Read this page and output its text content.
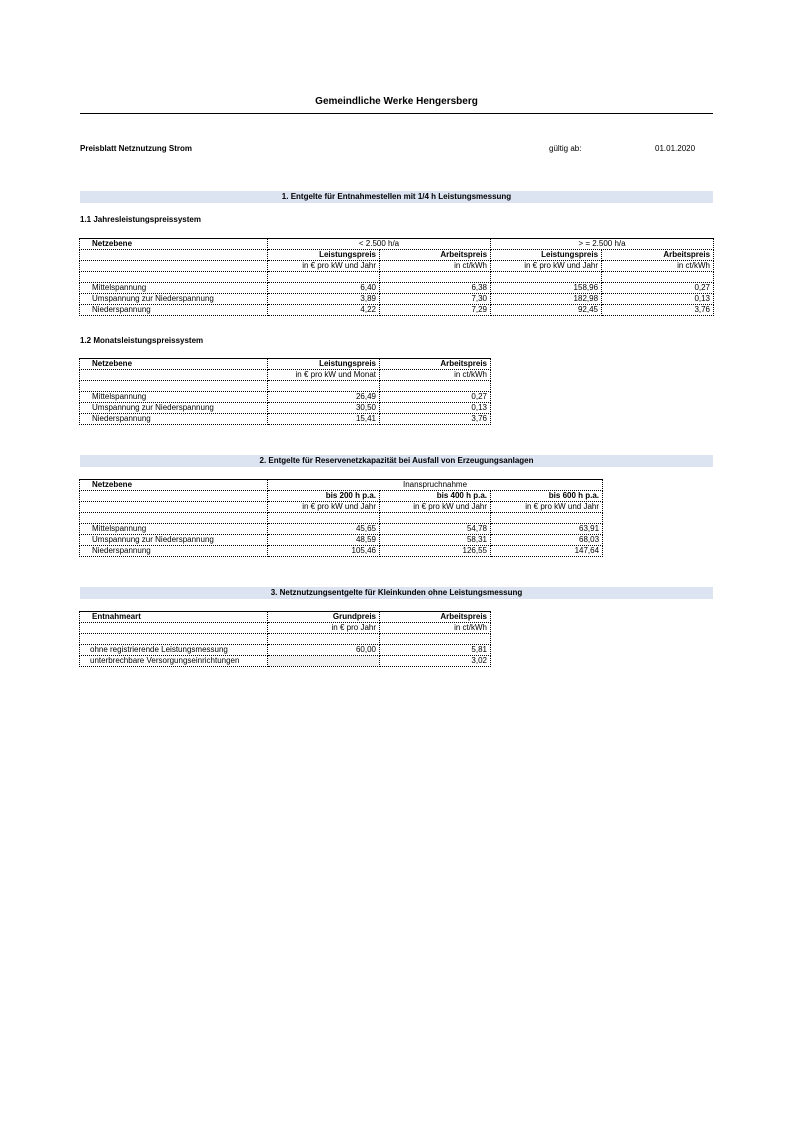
Gemeindliche Werke Hengersberg
Preisblatt Netznutzung Strom	gültig ab:	01.01.2020
1. Entgelte für Entnahmestellen mit 1/4 h Leistungsmessung
1.1 Jahresleistungspreissystem
Netzebene	< 2.500 h/a		> = 2.500 h/a	
	Leistungspreis	Arbeitspreis	Leistungspreis	Arbeitspreis
	in € pro kW und Jahr	in ct/kWh	in € pro kW und Jahr	in ct/kWh

Mittelspannung	6,40	6,38	158,96	0,27
Umspannung zur Niederspannung	3,89	7,30	182,98	0,13
Niederspannung	4,22	7,29	92,45	3,76
1.2 Monatsleistungspreissystem
Netzebene	Leistungspreis	Arbeitspreis
	in € pro kW und Monat	in ct/kWh

Mittelspannung	26,49	0,27
Umspannung zur Niederspannung	30,50	0,13
Niederspannung	15,41	3,76
2. Entgelte für Reservenetzkapazität bei Ausfall von Erzeugungsanlagen
Netzebene	Inanspruchnahme		
	bis 200 h p.a.	bis 400 h p.a.	bis 600 h p.a.
	in € pro kW und Jahr	in € pro kW und Jahr	in € pro kW und Jahr

Mittelspannung	45,65	54,78	63,91
Umspannung zur Niederspannung	48,59	58,31	68,03
Niederspannung	105,46	126,55	147,64
3. Netznutzungsentgelte für Kleinkunden ohne Leistungsmessung
Entnahmeart	Grundpreis	Arbeitspreis
	in € pro Jahr	in ct/kWh

ohne registrierende Leistungsmessung	60,00	5,81
unterbrechbare Versorgungseinrichtungen		3,02
